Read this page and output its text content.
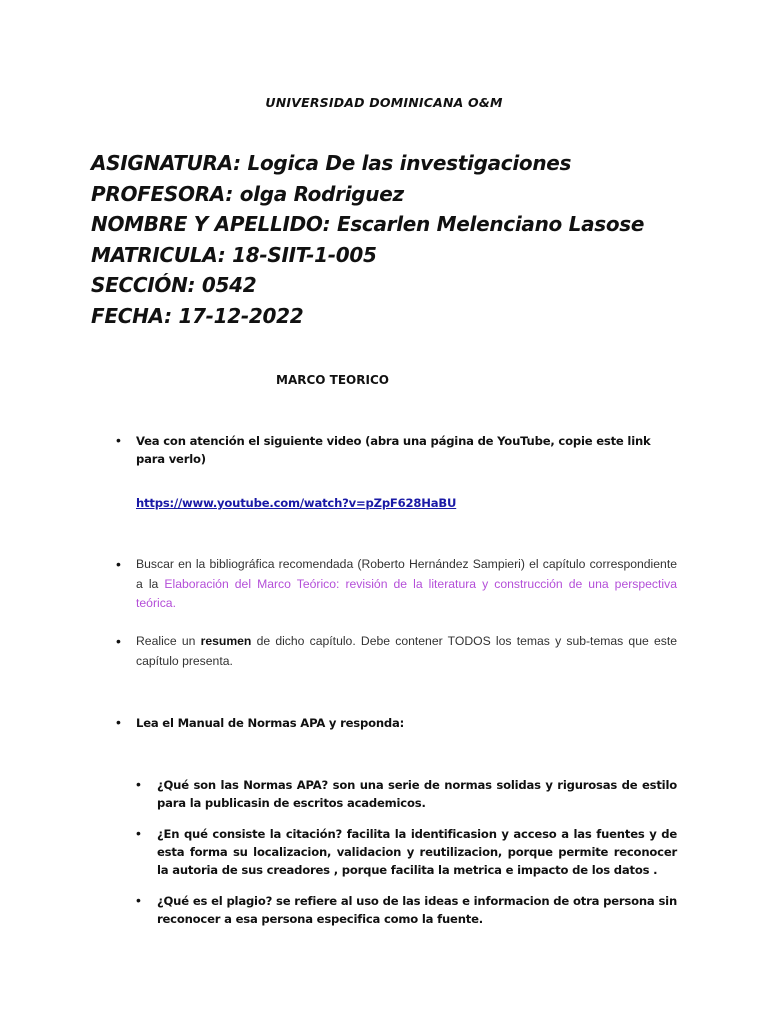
UNIVERSIDAD DOMINICANA O&M
ASIGNATURA: Logica De las investigaciones
PROFESORA: olga Rodriguez
NOMBRE Y APELLIDO: Escarlen Melenciano Lasose
MATRICULA: 18-SIIT-1-005
SECCIÓN: 0542
FECHA: 17-12-2022
MARCO TEORICO
• Vea con atención el siguiente video (abra una página de YouTube, copie este link para verlo)
https://www.youtube.com/watch?v=pZpF628HaBU
• Buscar en la bibliográfica recomendada (Roberto Hernández Sampieri) el capítulo correspondiente a la Elaboración del Marco Teórico: revisión de la literatura y construcción de una perspectiva teórica.
• Realice un resumen de dicho capítulo. Debe contener TODOS los temas y sub-temas que este capítulo presenta.
• Lea el Manual de Normas APA y responda:
• ¿Qué son las Normas APA? son una serie de normas solidas y rigurosas de estilo para la publicasin de escritos academicos.
• ¿En qué consiste la citación? facilita la identificasion y acceso a las fuentes y de esta forma su localizacion, validacion y reutilizacion, porque permite reconocer la autoria de sus creadores , porque facilita la metrica e impacto de los datos .
• ¿Qué es el plagio? se refiere al uso de las ideas e informacion de otra persona sin reconocer a esa persona especifica como la fuente.
